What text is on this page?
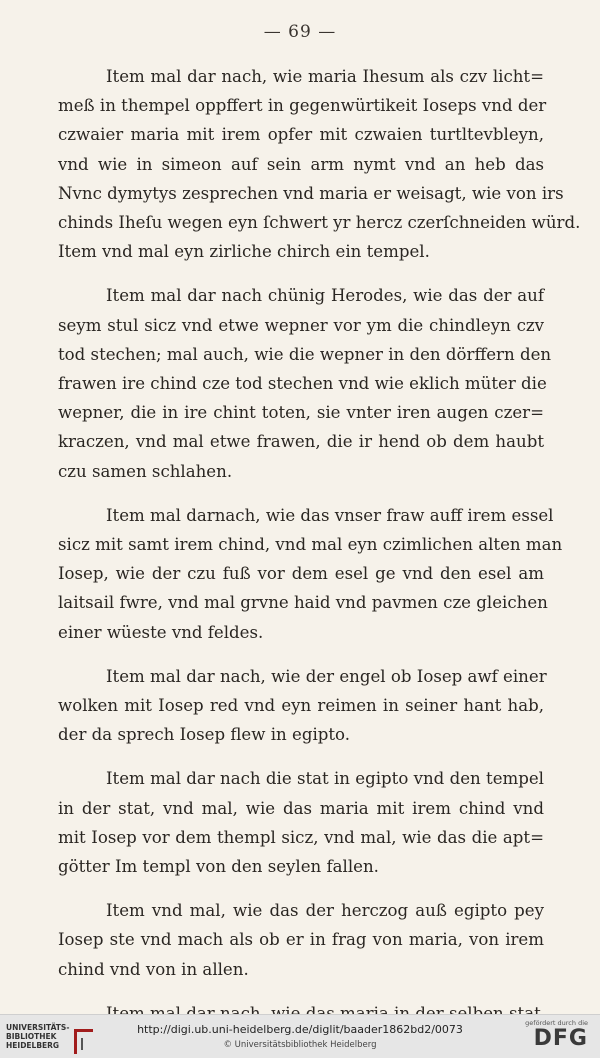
— 69 —

Item mal dar nach, wie maria Ihesum als czv licht=
meß in thempel oppffert in gegenwürtikeit Ioseps vnd der
czwaier maria mit irem opfer mit czwaien turtltevbleyn,
vnd wie in simeon auf sein arm nymt vnd an heb das
Nvnc dymytys zesprechen vnd maria er weisagt, wie von irs
chinds Iheſu wegen eyn ſchwert yr hercz czerſchneiden würd.
Item vnd mal eyn zirliche chirch ein tempel.

Item mal dar nach chünig Herodes, wie das der auf
seym stul sicz vnd etwe wepner vor ym die chindleyn czv
tod stechen; mal auch, wie die wepner in den dörffern den
frawen ire chind cze tod stechen vnd wie eklich müter die
wepner, die in ire chint toten, sie vnter iren augen czer=
kraczen, vnd mal etwe frawen, die ir hend ob dem haubt
czu samen schlahen.

Item mal darnach, wie das vnser fraw auff irem essel
sicz mit samt irem chind, vnd mal eyn czimlichen alten man
Iosep, wie der czu fuß vor dem esel ge vnd den esel am
laitsail fwre, vnd mal grvne haid vnd pavmen cze gleichen
einer wüeste vnd feldes.

Item mal dar nach, wie der engel ob Iosep awf einer
wolken mit Iosep red vnd eyn reimen in seiner hant hab,
der da sprech Iosep flew in egipto.

Item mal dar nach die stat in egipto vnd den tempel
in der stat, vnd mal, wie das maria mit irem chind vnd
mit Iosep vor dem thempl sicz, vnd mal, wie das die apt=
götter Im templ von den seylen fallen.

Item vnd mal, wie das der herczog auß egipto pey
Iosep ste vnd mach als ob er in frag von maria, von irem
chind vnd von in allen.

UNIVERSITÄTS-
BIBLIOTHEK
HEIDELBERG
http://digi.ub.uni-heidelberg.de/diglit/baader1862bd2/0073
© Universitätsbibliothek Heidelberg
gefördert durch die
DFG
